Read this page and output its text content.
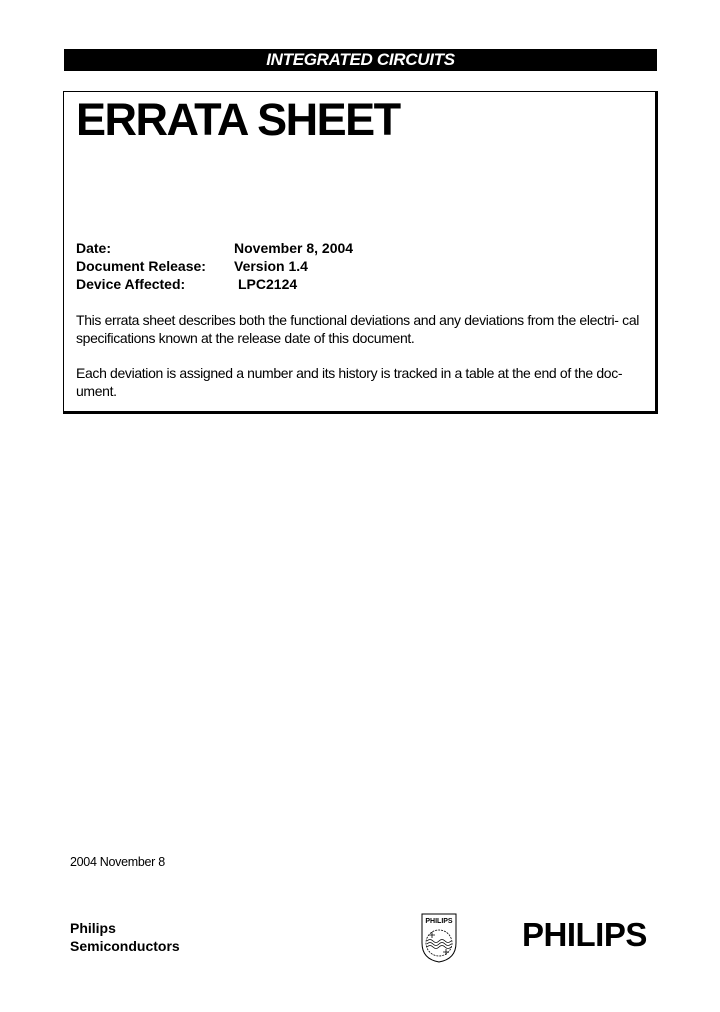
INTEGRATED CIRCUITS
ERRATA SHEET
Date:	November 8, 2004
Document Release:	Version 1.4
Device Affected:	LPC2124

This errata sheet describes both the functional deviations and any deviations from the electri- cal specifications known at the release date of this document.

Each deviation is assigned a number and its history is tracked in a table at the end of the doc- ument.

2004 November 8
Philips
Semiconductors
PHILIPS PHILIPS
